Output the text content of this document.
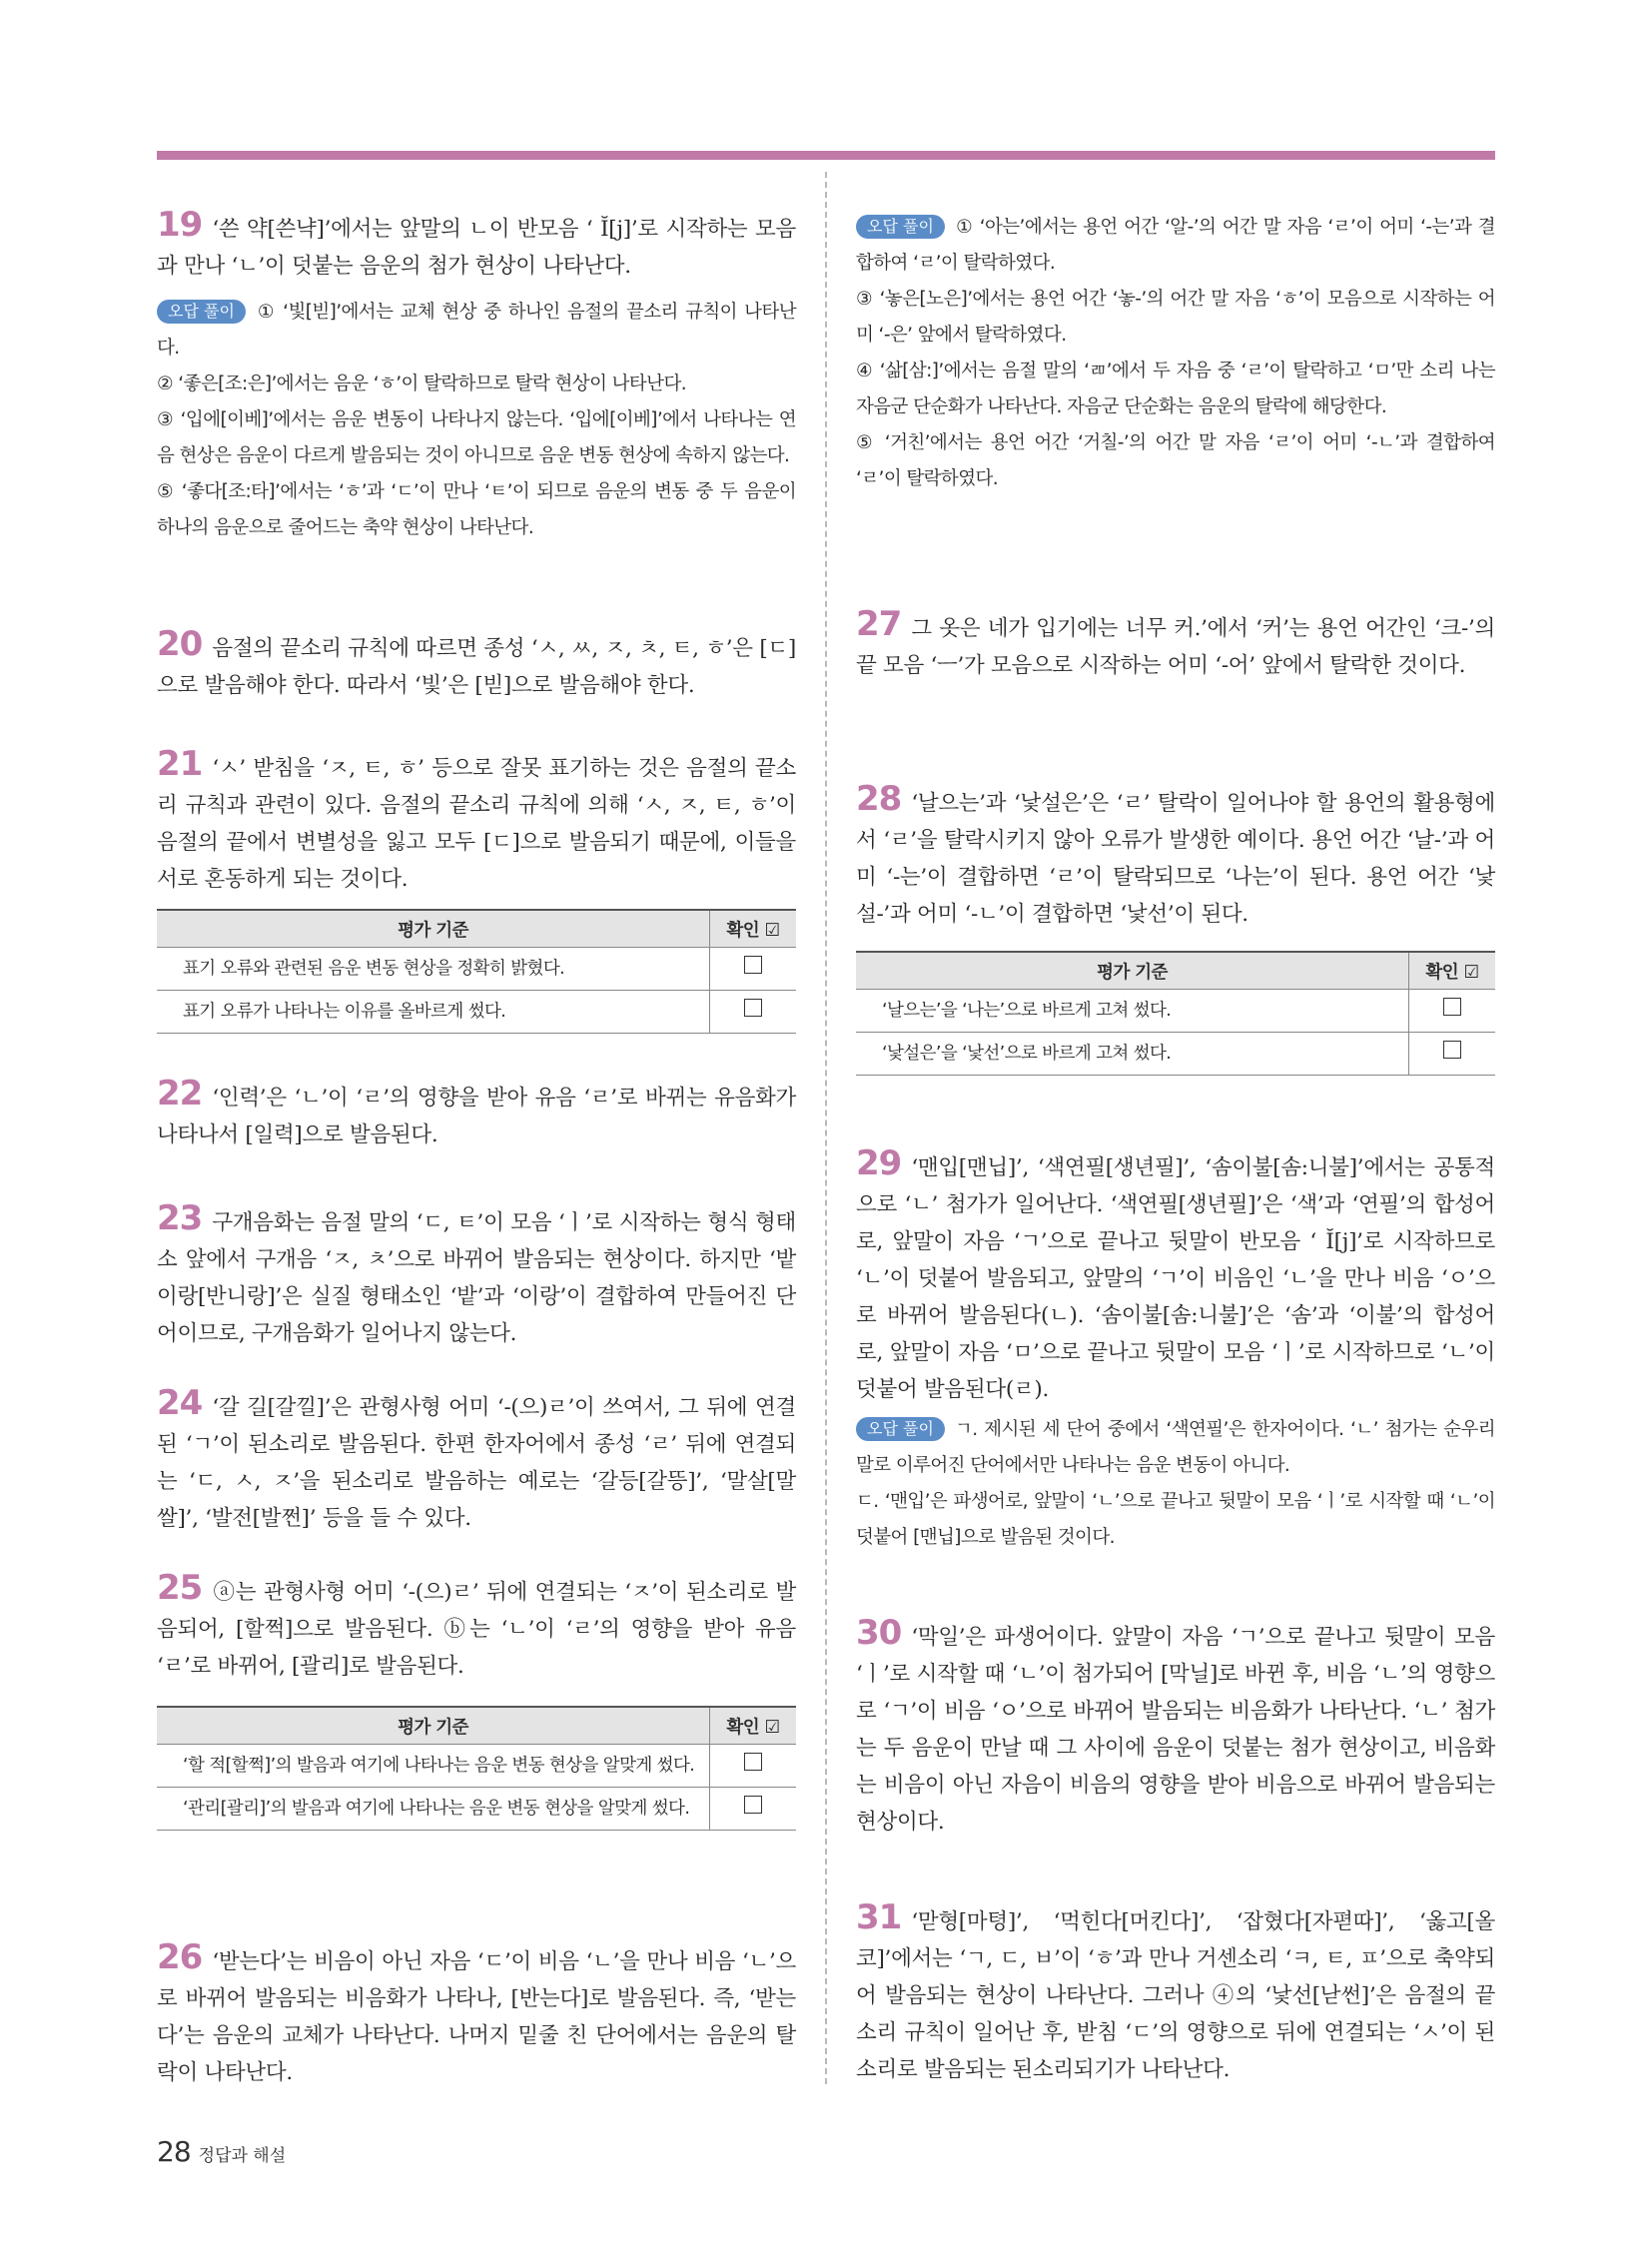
19 ‘쓴 약[쓴냑]’에서는 앞말의 ㄴ이 반모음 ‘ Ĭ[j]’로 시작하는 모음과 만나 ‘ㄴ’이 덧붙는 음운의 첨가 현상이 나타난다.

오답 풀이 ① ‘빛[빋]’에서는 교체 현상 중 하나인 음절의 끝소리 규칙이 나타난다.

② ‘좋은[조:은]’에서는 음운 ‘ㅎ’이 탈락하므로 탈락 현상이 나타난다.

③ ‘입에[이베]’에서는 음운 변동이 나타나지 않는다. ‘입에[이베]’에서 나타나는 연음 현상은 음운이 다르게 발음되는 것이 아니므로 음운 변동 현상에 속하지 않는다.

⑤ ‘좋다[조:타]’에서는 ‘ㅎ’과 ‘ㄷ’이 만나 ‘ㅌ’이 되므로 음운의 변동 중 두 음운이 하나의 음운으로 줄어드는 축약 현상이 나타난다.

20 음절의 끝소리 규칙에 따르면 종성 ‘ㅅ, ㅆ, ㅈ, ㅊ, ㅌ, ㅎ’은 [ㄷ]으로 발음해야 한다. 따라서 ‘빛’은 [빋]으로 발음해야 한다.

21 ‘ㅅ’ 받침을 ‘ㅈ, ㅌ, ㅎ’ 등으로 잘못 표기하는 것은 음절의 끝소리 규칙과 관련이 있다. 음절의 끝소리 규칙에 의해 ‘ㅅ, ㅈ, ㅌ, ㅎ’이 음절의 끝에서 변별성을 잃고 모두 [ㄷ]으로 발음되기 때문에, 이들을 서로 혼동하게 되는 것이다.

평가 기준	확인 ☑
표기 오류와 관련된 음운 변동 현상을 정확히 밝혔다.	
표기 오류가 나타나는 이유를 올바르게 썼다.	

22 ‘인력’은 ‘ㄴ’이 ‘ㄹ’의 영향을 받아 유음 ‘ㄹ’로 바뀌는 유음화가 나타나서 [일력]으로 발음된다.

23 구개음화는 음절 말의 ‘ㄷ, ㅌ’이 모음 ‘ㅣ’로 시작하는 형식 형태소 앞에서 구개음 ‘ㅈ, ㅊ’으로 바뀌어 발음되는 현상이다. 하지만 ‘밭이랑[반니랑]’은 실질 형태소인 ‘밭’과 ‘이랑’이 결합하여 만들어진 단어이므로, 구개음화가 일어나지 않는다.

24 ‘갈 길[갈낄]’은 관형사형 어미 ‘-(으)ㄹ’이 쓰여서, 그 뒤에 연결된 ‘ㄱ’이 된소리로 발음된다. 한편 한자어에서 종성 ‘ㄹ’ 뒤에 연결되는 ‘ㄷ, ㅅ, ㅈ’을 된소리로 발음하는 예로는 ‘갈등[갈뜽]’, ‘말살[말쌀]’, ‘발전[발쩐]’ 등을 들 수 있다.

25 ⓐ는 관형사형 어미 ‘-(으)ㄹ’ 뒤에 연결되는 ‘ㅈ’이 된소리로 발음되어, [할쩍]으로 발음된다. ⓑ는 ‘ㄴ’이 ‘ㄹ’의 영향을 받아 유음 ‘ㄹ’로 바뀌어, [괄리]로 발음된다.

평가 기준	확인 ☑
‘할 적[할쩍]’의 발음과 여기에 나타나는 음운 변동 현상을 알맞게 썼다.	
‘관리[괄리]’의 발음과 여기에 나타나는 음운 변동 현상을 알맞게 썼다.	

26 ‘받는다’는 비음이 아닌 자음 ‘ㄷ’이 비음 ‘ㄴ’을 만나 비음 ‘ㄴ’으로 바뀌어 발음되는 비음화가 나타나, [반는다]로 발음된다. 즉, ‘받는다’는 음운의 교체가 나타난다. 나머지 밑줄 친 단어에서는 음운의 탈락이 나타난다.

오답 풀이 ① ‘아는’에서는 용언 어간 ‘알-’의 어간 말 자음 ‘ㄹ’이 어미 ‘-는’과 결합하여 ‘ㄹ’이 탈락하였다.

③ ‘놓은[노은]’에서는 용언 어간 ‘놓-’의 어간 말 자음 ‘ㅎ’이 모음으로 시작하는 어미 ‘-은’ 앞에서 탈락하였다.

④ ‘삶[삼:]’에서는 음절 말의 ‘ㄻ’에서 두 자음 중 ‘ㄹ’이 탈락하고 ‘ㅁ’만 소리 나는 자음군 단순화가 나타난다. 자음군 단순화는 음운의 탈락에 해당한다.

⑤ ‘거친’에서는 용언 어간 ‘거칠-’의 어간 말 자음 ‘ㄹ’이 어미 ‘-ㄴ’과 결합하여 ‘ㄹ’이 탈락하였다.

27 그 옷은 네가 입기에는 너무 커.’에서 ‘커’는 용언 어간인 ‘크-’의 끝 모음 ‘ㅡ’가 모음으로 시작하는 어미 ‘-어’ 앞에서 탈락한 것이다.

28 ‘날으는’과 ‘낯설은’은 ‘ㄹ’ 탈락이 일어나야 할 용언의 활용형에서 ‘ㄹ’을 탈락시키지 않아 오류가 발생한 예이다. 용언 어간 ‘날-’과 어미 ‘-는’이 결합하면 ‘ㄹ’이 탈락되므로 ‘나는’이 된다. 용언 어간 ‘낯설-’과 어미 ‘-ㄴ’이 결합하면 ‘낯선’이 된다.

평가 기준	확인 ☑
‘날으는’을 ‘나는’으로 바르게 고쳐 썼다.	
‘낯설은’을 ‘낯선’으로 바르게 고쳐 썼다.	

29 ‘맨입[맨닙]’, ‘색연필[생년필]’, ‘솜이불[솜:니불]’에서는 공통적으로 ‘ㄴ’ 첨가가 일어난다. ‘색연필[생년필]’은 ‘색’과 ‘연필’의 합성어로, 앞말이 자음 ‘ㄱ’으로 끝나고 뒷말이 반모음 ‘ Ĭ[j]’로 시작하므로 ‘ㄴ’이 덧붙어 발음되고, 앞말의 ‘ㄱ’이 비음인 ‘ㄴ’을 만나 비음 ‘ㅇ’으로 바뀌어 발음된다(ㄴ). ‘솜이불[솜:니불]’은 ‘솜’과 ‘이불’의 합성어로, 앞말이 자음 ‘ㅁ’으로 끝나고 뒷말이 모음 ‘ㅣ’로 시작하므로 ‘ㄴ’이 덧붙어 발음된다(ㄹ).

오답 풀이 ㄱ. 제시된 세 단어 중에서 ‘색연필’은 한자어이다. ‘ㄴ’ 첨가는 순우리말로 이루어진 단어에서만 나타나는 음운 변동이 아니다.

ㄷ. ‘맨입’은 파생어로, 앞말이 ‘ㄴ’으로 끝나고 뒷말이 모음 ‘ㅣ’로 시작할 때 ‘ㄴ’이 덧붙어 [맨닙]으로 발음된 것이다.

30 ‘막일’은 파생어이다. 앞말이 자음 ‘ㄱ’으로 끝나고 뒷말이 모음 ‘ㅣ’로 시작할 때 ‘ㄴ’이 첨가되어 [막닐]로 바뀐 후, 비음 ‘ㄴ’의 영향으로 ‘ㄱ’이 비음 ‘ㅇ’으로 바뀌어 발음되는 비음화가 나타난다. ‘ㄴ’ 첨가는 두 음운이 만날 때 그 사이에 음운이 덧붙는 첨가 현상이고, 비음화는 비음이 아닌 자음이 비음의 영향을 받아 비음으로 바뀌어 발음되는 현상이다.

31 ‘맏형[마텽]’, ‘먹힌다[머킨다]’, ‘잡혔다[자펻따]’, ‘옳고[올코]’에서는 ‘ㄱ, ㄷ, ㅂ’이 ‘ㅎ’과 만나 거센소리 ‘ㅋ, ㅌ, ㅍ’으로 축약되어 발음되는 현상이 나타난다. 그러나 ④의 ‘낯선[낟썬]’은 음절의 끝소리 규칙이 일어난 후, 받침 ‘ㄷ’의 영향으로 뒤에 연결되는 ‘ㅅ’이 된소리로 발음되는 된소리되기가 나타난다.

28 정답과 해설
